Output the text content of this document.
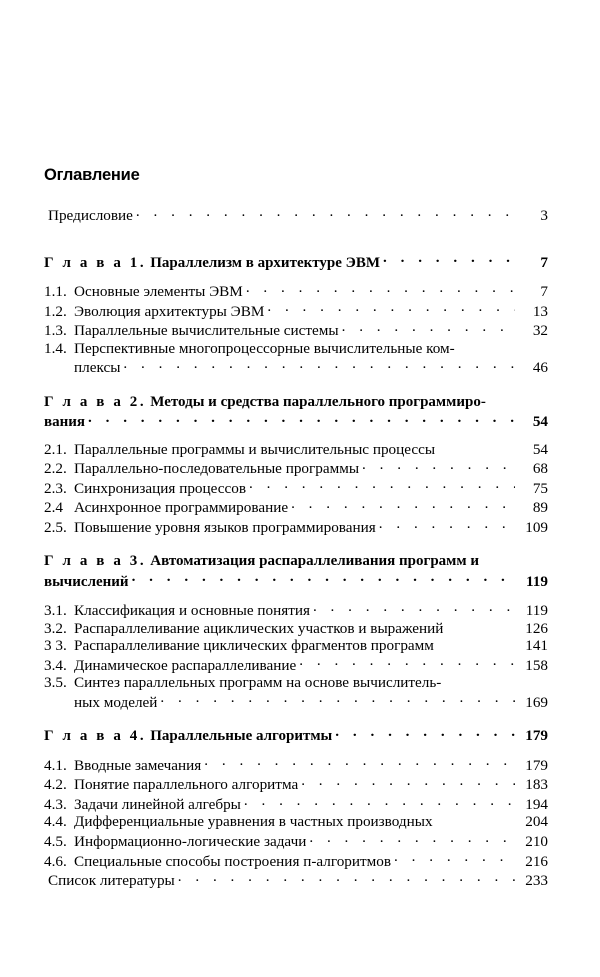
Оглавление
Предисловие . .	3
Г л а в а 1. Параллелизм в архитектуре ЭВМ . .	7
1.1. Основные элементы ЭВМ . .	7
1.2. Эволюция архитектуры ЭВМ . .	13
1.3. Параллельные вычислительные системы . .	32
1.4. Перспективные многопроцессорные вычислительные ком-
плексы . .	46
Г л а в а 2. Методы и средства параллельного программиро-
вания . .	54
2.1. Параллельные программы и вычислительныc процессы	54
2.2. Параллельно-последовательные программы . .	68
2.3. Синхронизация процессов . .	75
2.4 Асинхронное программирование . .	89
2.5. Повышение уровня языков программирования . .	109
Г л а в а 3. Автоматизация распараллеливания программ и
вычислений . .	119
3.1. Классификация и основные понятия . .	119
3.2. Распараллеливание ациклических участков и выражений	126
3 3. Распараллеливание циклических фрагментов программ	141
3.4. Динамическое распараллеливание . .	158
3.5. Синтез параллельных программ на основе вычислитель-
ных моделей . .	169
Г л а в а 4. Параллельные алгоритмы . .	179
4.1. Вводные замечания . .	179
4.2. Понятие параллельного алгоритма . .	183
4.3. Задачи линейной алгебры . .	194
4.4. Дифференциальные уравнения в частных производных	204
4.5. Информационно-логические задачи . .	210
4.6. Специальные способы построения п-алгоритмов . .	216
Список литературы . .	233
